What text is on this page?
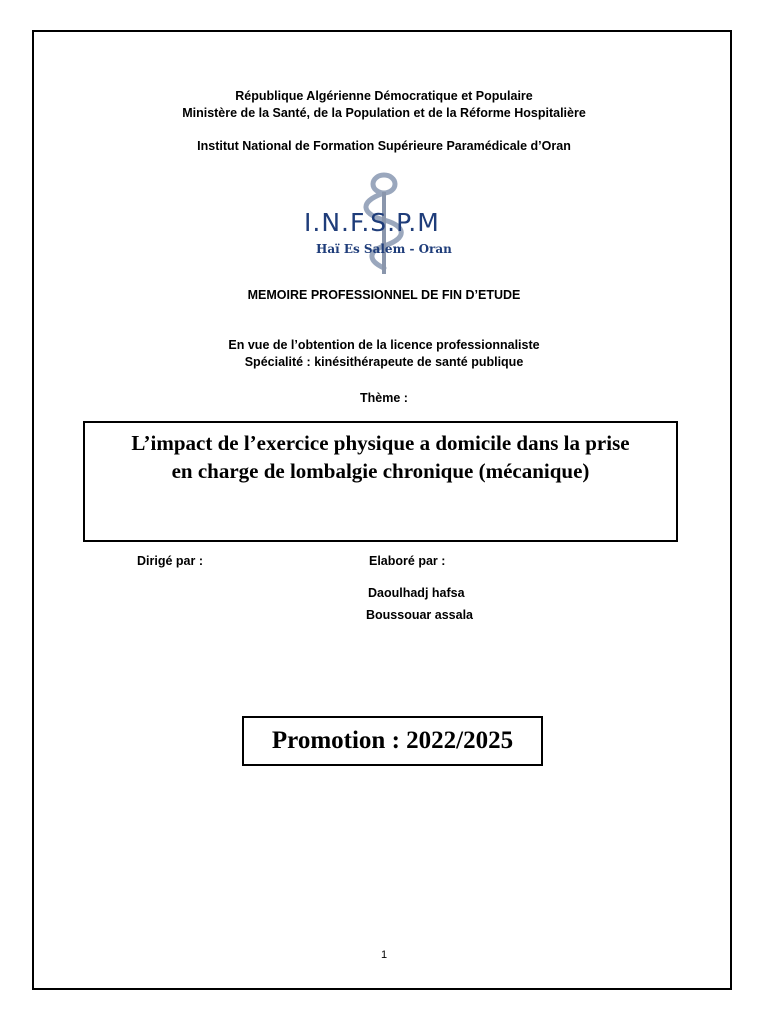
République Algérienne Démocratique et Populaire
Ministère de la Santé, de la Population et de la Réforme Hospitalière
Institut National de Formation Supérieure Paramédicale d’Oran
I.N.F.S.P.M
Haï Es Salem - Oran
MEMOIRE PROFESSIONNEL DE FIN D’ETUDE
En vue de l’obtention de la licence professionnaliste
Spécialité : kinésithérapeute de santé publique
Thème :
L’impact de l’exercice physique a domicile dans la prise
en charge de lombalgie chronique (mécanique)
Dirigé par :	Elaboré par :
Daoulhadj hafsa
Boussouar assala
Promotion : 2022/2025
1
